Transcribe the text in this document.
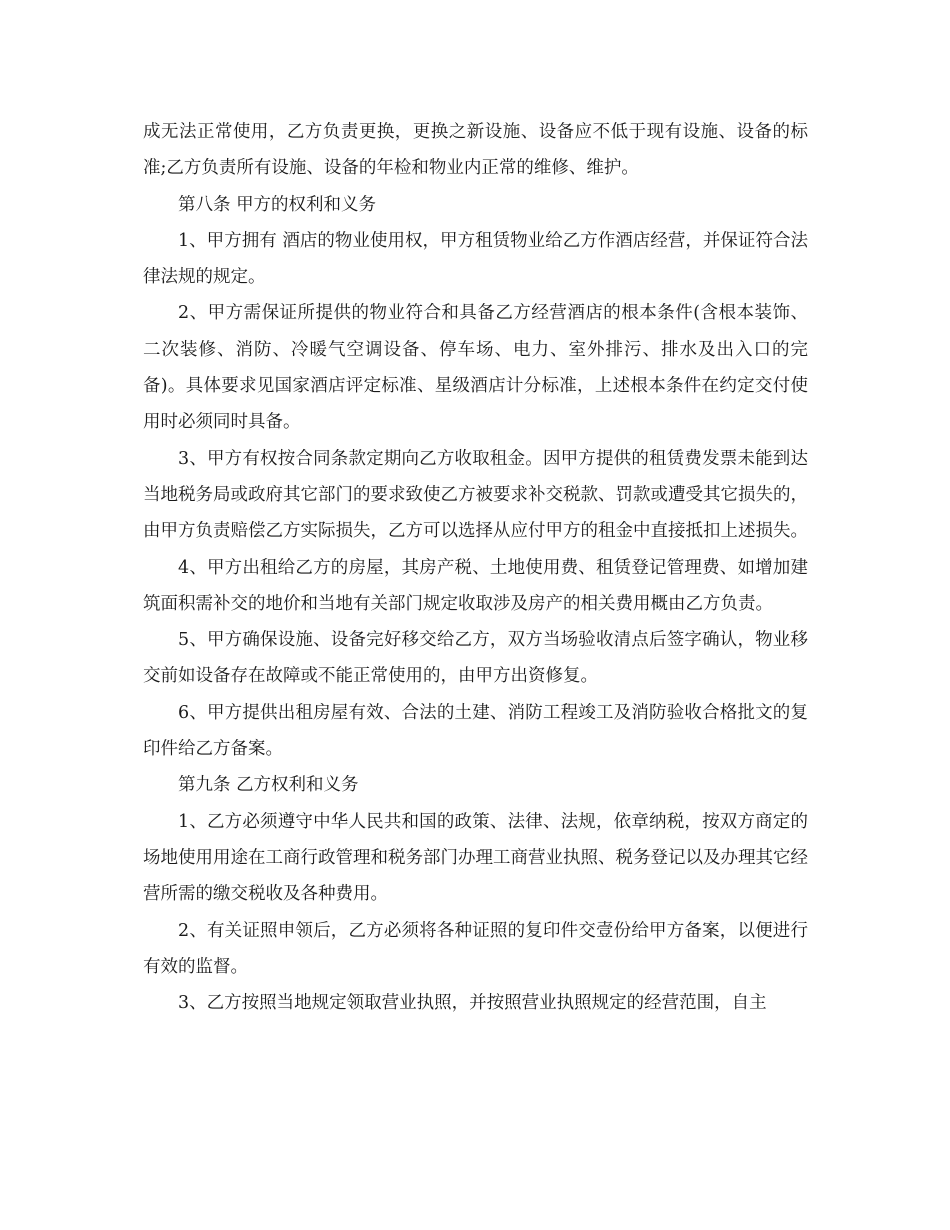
成无法正常使用，乙方负责更换，更换之新设施、设备应不低于现有设施、设备的标准;乙方负责所有设施、设备的年检和物业内正常的维修、维护。

第八条 甲方的权利和义务

1、甲方拥有 酒店的物业使用权，甲方租赁物业给乙方作酒店经营，并保证符合法律法规的规定。

2、甲方需保证所提供的物业符合和具备乙方经营酒店的根本条件(含根本装饰、二次装修、消防、冷暖气空调设备、停车场、电力、室外排污、排水及出入口的完备)。具体要求见国家酒店评定标准、星级酒店计分标准，上述根本条件在约定交付使用时必须同时具备。

3、甲方有权按合同条款定期向乙方收取租金。因甲方提供的租赁费发票未能到达当地税务局或政府其它部门的要求致使乙方被要求补交税款、罚款或遭受其它损失的，由甲方负责赔偿乙方实际损失，乙方可以选择从应付甲方的租金中直接抵扣上述损失。

4、甲方出租给乙方的房屋，其房产税、土地使用费、租赁登记管理费、如增加建筑面积需补交的地价和当地有关部门规定收取涉及房产的相关费用概由乙方负责。

5、甲方确保设施、设备完好移交给乙方，双方当场验收清点后签字确认，物业移交前如设备存在故障或不能正常使用的，由甲方出资修复。

6、甲方提供出租房屋有效、合法的土建、消防工程竣工及消防验收合格批文的复印件给乙方备案。

第九条 乙方权利和义务

1、乙方必须遵守中华人民共和国的政策、法律、法规，依章纳税，按双方商定的场地使用用途在工商行政管理和税务部门办理工商营业执照、税务登记以及办理其它经营所需的缴交税收及各种费用。

2、有关证照申领后，乙方必须将各种证照的复印件交壹份给甲方备案，以便进行有效的监督。

3、乙方按照当地规定领取营业执照，并按照营业执照规定的经营范围，自主
